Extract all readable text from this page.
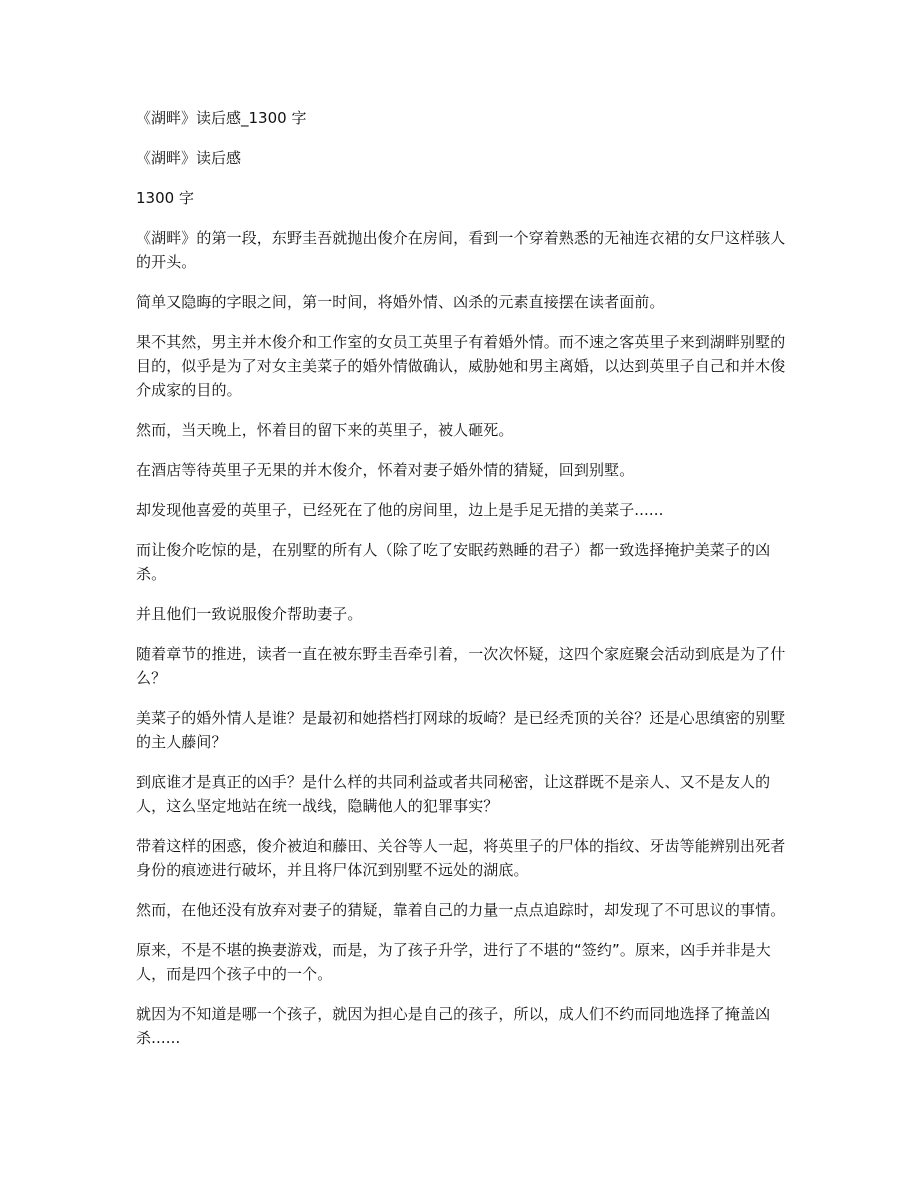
《湖畔》读后感_1300 字

《湖畔》读后感

1300 字

《湖畔》的第一段，东野圭吾就抛出俊介在房间，看到一个穿着熟悉的无袖连衣裙的女尸这样骇人的开头。

简单又隐晦的字眼之间，第一时间，将婚外情、凶杀的元素直接摆在读者面前。

果不其然，男主并木俊介和工作室的女员工英里子有着婚外情。而不速之客英里子来到湖畔别墅的目的，似乎是为了对女主美菜子的婚外情做确认，威胁她和男主离婚，以达到英里子自己和并木俊介成家的目的。

然而，当天晚上，怀着目的留下来的英里子，被人砸死。

在酒店等待英里子无果的并木俊介，怀着对妻子婚外情的猜疑，回到别墅。

却发现他喜爱的英里子，已经死在了他的房间里，边上是手足无措的美菜子......

而让俊介吃惊的是，在别墅的所有人（除了吃了安眠药熟睡的君子）都一致选择掩护美菜子的凶杀。

并且他们一致说服俊介帮助妻子。

随着章节的推进，读者一直在被东野圭吾牵引着，一次次怀疑，这四个家庭聚会活动到底是为了什么？

美菜子的婚外情人是谁？是最初和她搭档打网球的坂崎？是已经秃顶的关谷？还是心思缜密的别墅的主人藤间？

到底谁才是真正的凶手？是什么样的共同利益或者共同秘密，让这群既不是亲人、又不是友人的人，这么坚定地站在统一战线，隐瞒他人的犯罪事实？

带着这样的困惑，俊介被迫和藤田、关谷等人一起，将英里子的尸体的指纹、牙齿等能辨别出死者身份的痕迹进行破坏，并且将尸体沉到别墅不远处的湖底。

然而，在他还没有放弃对妻子的猜疑，靠着自己的力量一点点追踪时，却发现了不可思议的事情。

原来，不是不堪的换妻游戏，而是，为了孩子升学，进行了不堪的“签约”。原来，凶手并非是大人，而是四个孩子中的一个。

就因为不知道是哪一个孩子，就因为担心是自己的孩子，所以，成人们不约而同地选择了掩盖凶杀......
